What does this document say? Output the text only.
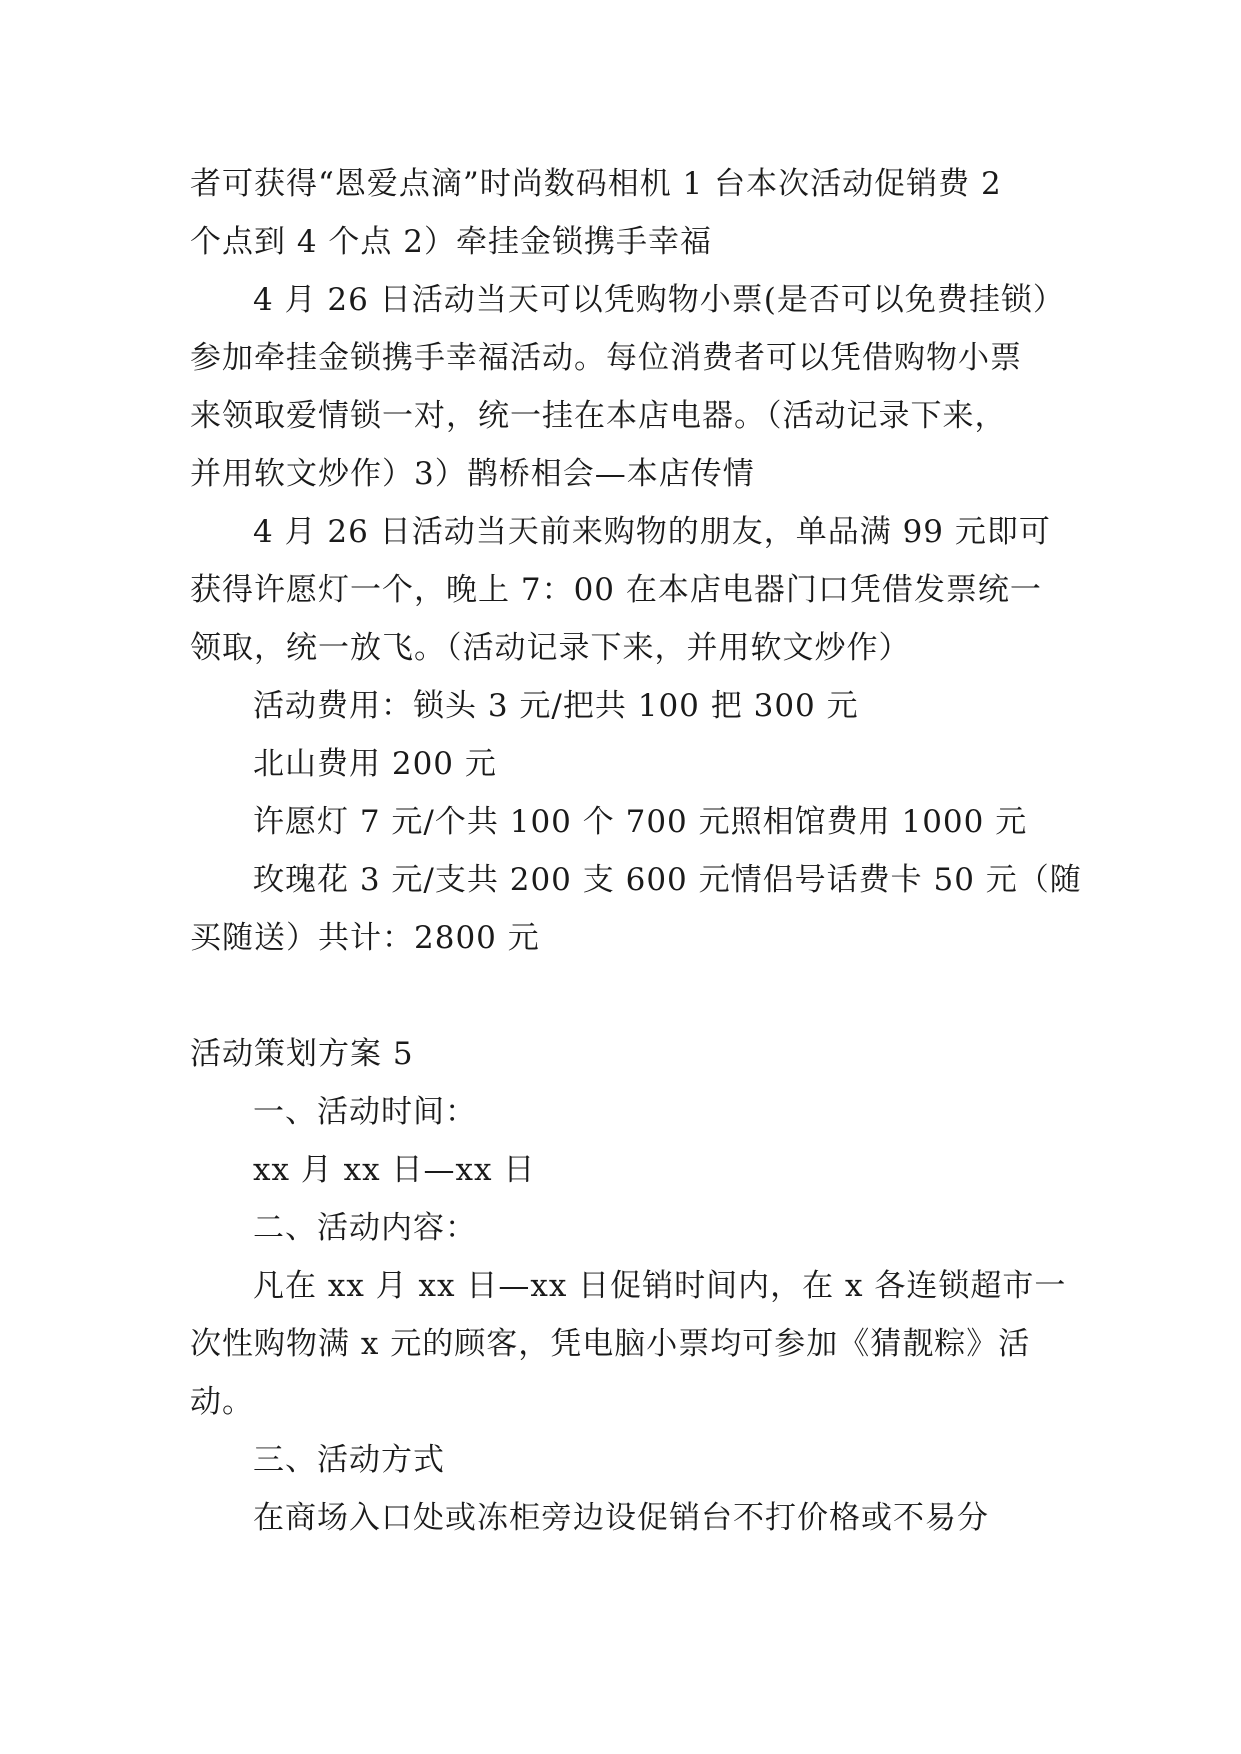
者可获得“恩爱点滴”时尚数码相机 1 台本次活动促销费 2
个点到 4 个点 2）牵挂金锁携手幸福
4 月 26 日活动当天可以凭购物小票(是否可以免费挂锁）
参加牵挂金锁携手幸福活动。每位消费者可以凭借购物小票
来领取爱情锁一对，统一挂在本店电器。（活动记录下来，
并用软文炒作）3）鹊桥相会—本店传情
4 月 26 日活动当天前来购物的朋友，单品满 99 元即可
获得许愿灯一个，晚上 7：00 在本店电器门口凭借发票统一
领取，统一放飞。（活动记录下来，并用软文炒作）
活动费用：锁头 3 元/把共 100 把 300 元
北山费用 200 元
许愿灯 7 元/个共 100 个 700 元照相馆费用 1000 元
玫瑰花 3 元/支共 200 支 600 元情侣号话费卡 50 元（随
买随送）共计：2800 元
活动策划方案 5
一、活动时间：
xx 月 xx 日—xx 日
二、活动内容：
凡在 xx 月 xx 日—xx 日促销时间内，在 x 各连锁超市一
次性购物满 x 元的顾客，凭电脑小票均可参加《猜靓粽》活
动。
三、活动方式
在商场入口处或冻柜旁边设促销台不打价格或不易分
